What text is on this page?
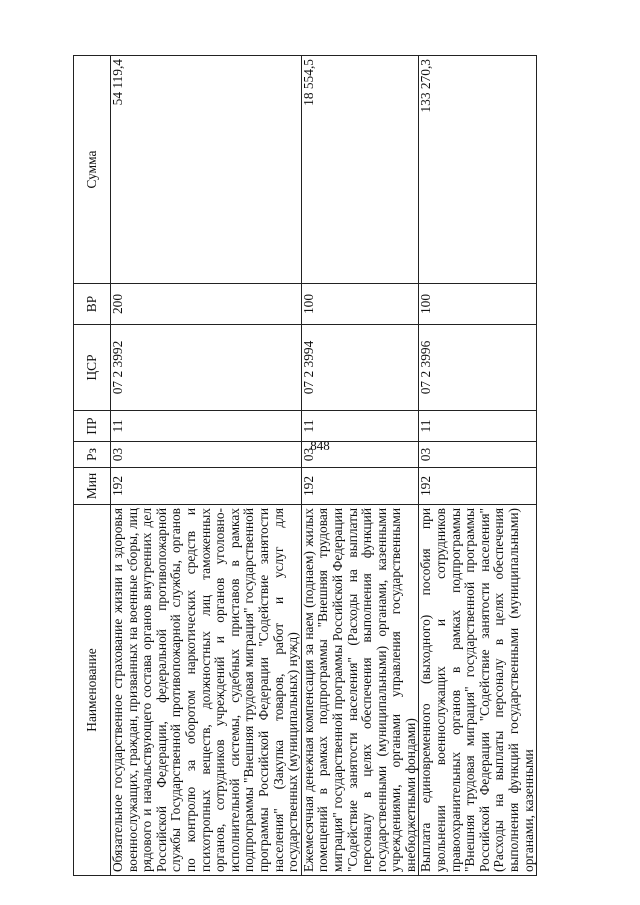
848
Наименование	Мин	Рз	ПР	ЦСР	ВР	Сумма
Обязательное государственное страхование жизни и здоровья военнослужащих, граждан, призванных на военные сборы, лиц рядового и начальствующего состава органов внутренних дел Российской Федерации, федеральной противопожарной службы Государственной противопожарной службы, органов по контролю за оборотом наркотических средств и психотропных веществ, должностных лиц таможенных органов, сотрудников учреждений и органов уголовно-исполнительной системы, судебных приставов в рамках подпрограммы "Внешняя трудовая миграция" государственной программы Российской Федерации "Содействие занятости населения" (Закупка товаров, работ и услуг для государственных (муниципальных) нужд)	192	03	11	07 2 3992	200	54 119,4
Ежемесячная денежная компенсация за наем (поднаем) жилых помещений в рамках подпрограммы "Внешняя трудовая миграция" государственной программы Российской Федерации "Содействие занятости населения" (Расходы на выплаты персоналу в целях обеспечения выполнения функций государственными (муниципальными) органами, казенными учреждениями, органами управления государственными внебюджетными фондами)	192	03	11	07 2 3994	100	18 554,5
Выплата единовременного (выходного) пособия при увольнении военнослужащих и сотрудников правоохранительных органов в рамках подпрограммы "Внешняя трудовая миграция" государственной программы Российской Федерации "Содействие занятости населения" (Расходы на выплаты персоналу в целях обеспечения выполнения функций государственными (муниципальными) органами, казенными	192	03	11	07 2 3996	100	133 270,3
